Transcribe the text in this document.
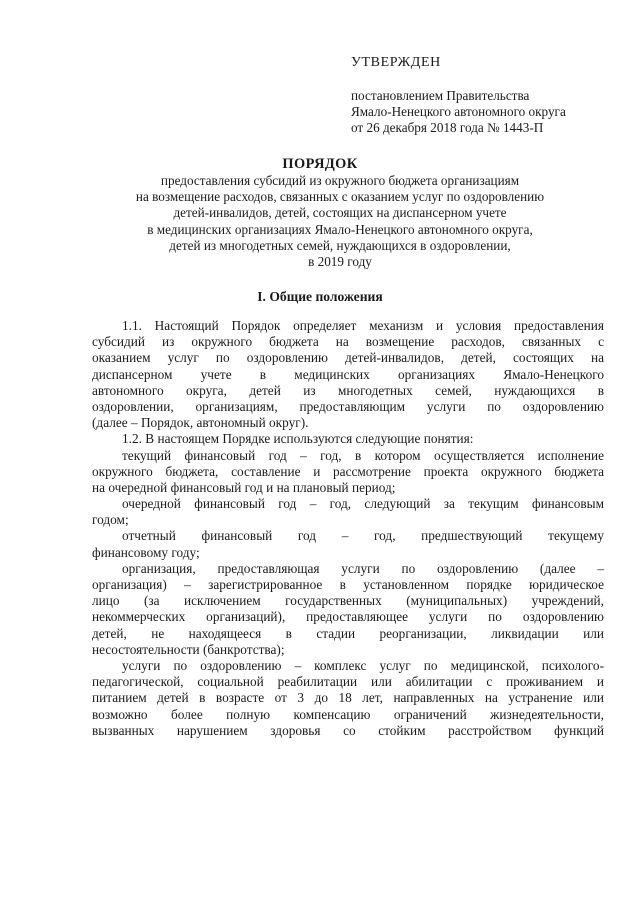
УТВЕРЖДЕН
постановлением Правительства
Ямало-Ненецкого автономного округа
от 26 декабря 2018 года № 1443-П
ПОРЯДОК
предоставления субсидий из окружного бюджета организациям
на возмещение расходов, связанных с оказанием услуг по оздоровлению
детей-инвалидов, детей, состоящих на диспансерном учете
в медицинских организациях Ямало-Ненецкого автономного округа,
детей из многодетных семей, нуждающихся в оздоровлении,
в 2019 году
I. Общие положения
1.1. Настоящий Порядок определяет механизм и условия предоставления
субсидий из окружного бюджета на возмещение расходов, связанных с
оказанием услуг по оздоровлению детей-инвалидов, детей, состоящих на
диспансерном учете в медицинских организациях Ямало-Ненецкого
автономного округа, детей из многодетных семей, нуждающихся в
оздоровлении, организациям, предоставляющим услуги по оздоровлению
(далее – Порядок, автономный округ).
1.2. В настоящем Порядке используются следующие понятия:
текущий финансовый год – год, в котором осуществляется исполнение
окружного бюджета, составление и рассмотрение проекта окружного бюджета
на очередной финансовый год и на плановый период;
очередной финансовый год – год, следующий за текущим финансовым
годом;
отчетный финансовый год – год, предшествующий текущему
финансовому году;
организация, предоставляющая услуги по оздоровлению (далее –
организация) – зарегистрированное в установленном порядке юридическое
лицо (за исключением государственных (муниципальных) учреждений,
некоммерческих организаций), предоставляющее услуги по оздоровлению
детей, не находящееся в стадии реорганизации, ликвидации или
несостоятельности (банкротства);
услуги по оздоровлению – комплекс услуг по медицинской, психолого-
педагогической, социальной реабилитации или абилитации с проживанием и
питанием детей в возрасте от 3 до 18 лет, направленных на устранение или
возможно более полную компенсацию ограничений жизнедеятельности,
вызванных нарушением здоровья со стойким расстройством функций
